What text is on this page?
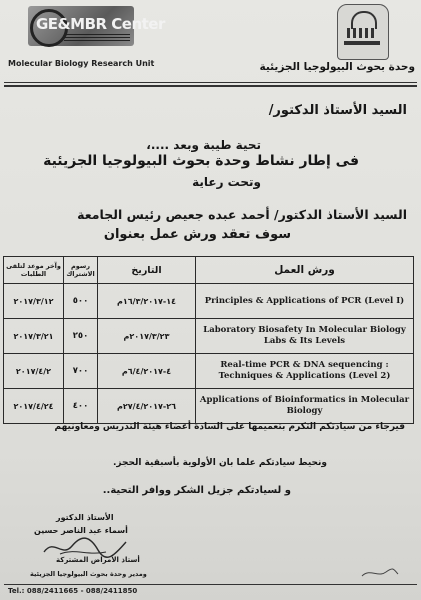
GE&MBR Center
Molecular Biology Research Unit	وحدة بحوث البيولوجيا الجزيئية
السيد الأستاذ الدكتور/
تحية طيبة وبعد ....،
فى إطار نشاط وحدة بحوث البيولوجيا الجزيئية
وتحت رعاية
السيد الأستاذ الدكتور/ أحمد عبده جعيص رئيس الجامعة
سوف تعقد ورش عمل بعنوان
وآخر موعد لتلقى الطلبات	رسوم الاشتراك	التاريخ	ورش العمل
٢٠١٧/٣/١٢	٥٠٠	١٤-١٦/٣/٢٠١٧م	Principles & Applications of PCR (Level I)
٢٠١٧/٣/٢١	٢٥٠	٢٠١٧/٣/٢٣م	Laboratory Biosafety In Molecular Biology Labs & Its Levels
٢٠١٧/٤/٢	٧٠٠	٤-٦/٤/٢٠١٧م	Real-time PCR & DNA sequencing : Techniques & Applications (Level 2)
٢٠١٧/٤/٢٤	٤٠٠	٢٦-٢٧/٤/٢٠١٧م	Applications of Bioinformatics in Molecular Biology
فيرجاء من سيادتكم التكرم بتعميمها على السادة أعضاء هيئة التدريس ومعاونيهم
ونحيط سيادتكم علما بان الأولوية بأسبقية الحجز.
و لسيادتكم جزيل الشكر ووافر التحية..
الأستاذ الدكتور
أسماء عبد الناصر حسين
أستاذ الأمراض المشتركة
ومدير وحدة بحوث البيولوجيا الجزيئية
Tel.: 088/2411665 - 088/2411850
